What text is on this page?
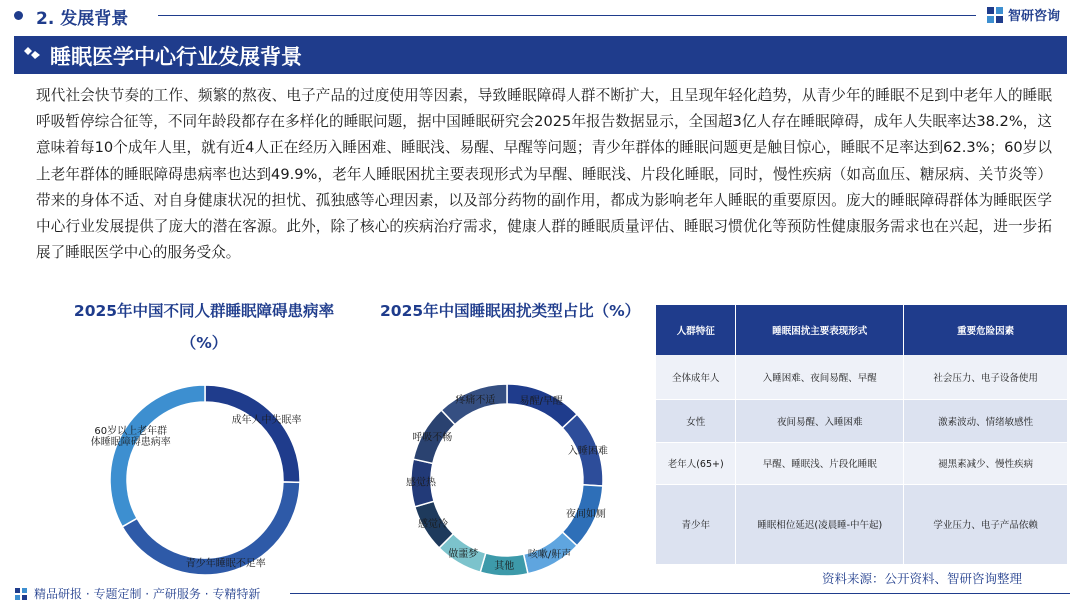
2. 发展背景	智研咨询
睡眠医学中心行业发展背景
现代社会快节奏的工作、频繁的熬夜、电子产品的过度使用等因素，导致睡眠障碍人群不断扩大，且呈现年轻化趋势，从青少年的睡眠不足到中老年人的睡眠呼吸暂停综合征等，不同年龄段都存在多样化的睡眠问题，据中国睡眠研究会2025年报告数据显示，全国超3亿人存在睡眠障碍，成年人失眠率达38.2%，这意味着每10个成年人里，就有近4人正在经历入睡困难、睡眠浅、易醒、早醒等问题；青少年群体的睡眠问题更是触目惊心，睡眠不足率达到62.3%；60岁以上老年群体的睡眠障碍患病率也达到49.9%，老年人睡眠困扰主要表现形式为早醒、睡眠浅、片段化睡眠，同时，慢性疾病（如高血压、糖尿病、关节炎等）带来的身体不适、对自身健康状况的担忧、孤独感等心理因素，以及部分药物的副作用，都成为影响老年人睡眠的重要原因。庞大的睡眠障碍群体为睡眠医学中心行业发展提供了庞大的潜在客源。此外，除了核心的疾病治疗需求，健康人群的睡眠质量评估、睡眠习惯优化等预防性健康服务需求也在兴起，进一步拓展了睡眠医学中心的服务受众。
2025年中国不同人群睡眠障碍患病率（%）
成年人中失眠率
青少年睡眠不足率
60岁以上老年群体睡眠障碍患病率
2025年中国睡眠困扰类型占比（%）
易醒/早醒
入睡困难
夜间如厕
咳嗽/鼾声
其他
做噩梦
感觉冷
感觉热
呼吸不畅
疼痛不适
人群特征	睡眠困扰主要表现形式	重要危险因素
全体成年人	入睡困难、夜间易醒、早醒	社会压力、电子设备使用
女性	夜间易醒、入睡困难	激素波动、情绪敏感性
老年人(65+)	早醒、睡眠浅、片段化睡眠	褪黑素减少、慢性疾病
青少年	睡眠相位延迟(凌晨睡-中午起)	学业压力、电子产品依赖
资料来源：公开资料、智研咨询整理
精品研报 · 专题定制 · 产研服务 · 专精特新
